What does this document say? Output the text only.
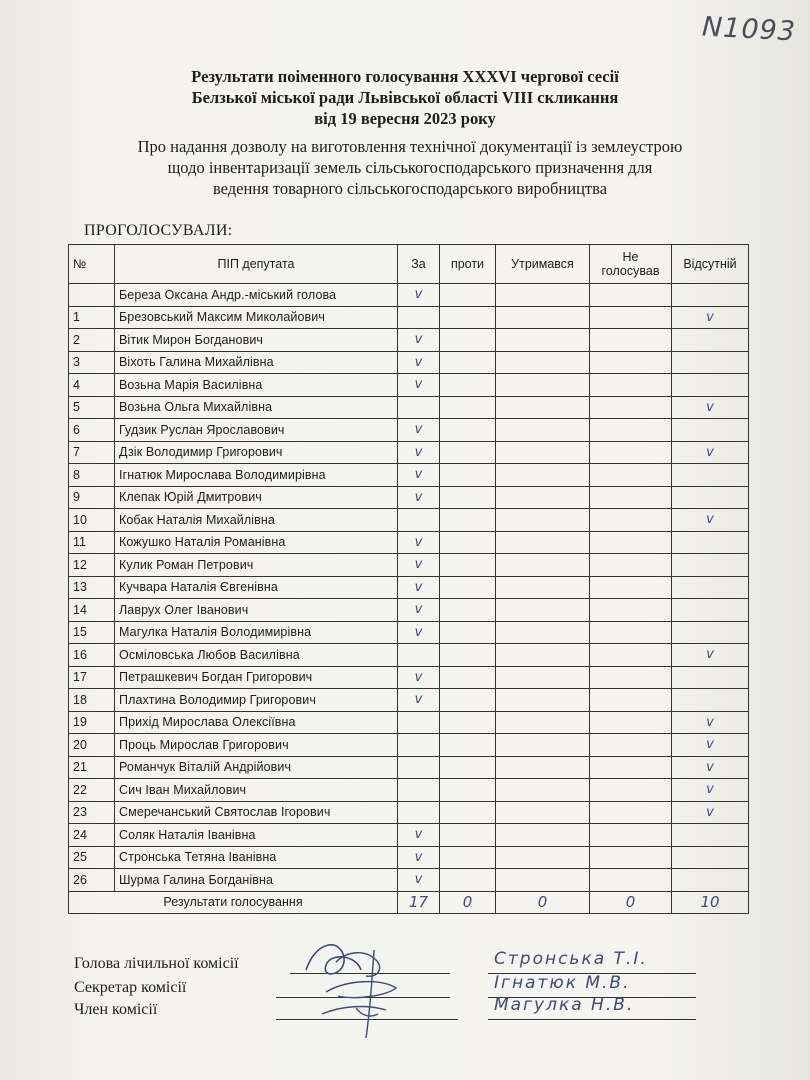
N1093
Результати поіменного голосування XXXVI чергової сесії
Белзької міської ради Львівської області VIII скликання
від 19 вересня 2023 року
Про надання дозволу на виготовлення технічної документації із землеустрою
щодо інвентаризації земель сільськогосподарського призначення для
ведення товарного сільськогосподарського виробництва
ПРОГОЛОСУВАЛИ:
№	ПІП депутата	За	проти	Утримався	Не
голосував	Відсутній
	Береза Оксана Андр.-міський голова	v				
1	Брезовський Максим Миколайович					v
2	Вітик Мирон Богданович	v				
3	Віхоть Галина Михайлівна	v				
4	Возьна Марія Василівна	v				
5	Возьна Ольга Михайлівна					v
6	Гудзик Руслан Ярославович	v				
7	Дзік Володимир Григорович	v				v
8	Ігнатюк Мирослава Володимирівна	v				
9	Клепак Юрій Дмитрович	v				
10	Кобак Наталія Михайлівна					v
11	Кожушко Наталія Романівна	v				
12	Кулик Роман Петрович	v				
13	Кучвара Наталія Євгенівна	v				
14	Лаврух Олег Іванович	v				
15	Магулка Наталія Володимирівна	v				
16	Осміловська Любов Василівна					v
17	Петрашкевич Богдан Григорович	v				
18	Плахтина Володимир Григорович	v				
19	Прихід Мирослава Олексіївна					v
20	Проць Мирослав Григорович					v
21	Романчук Віталій Андрійович					v
22	Сич Іван Михайлович					v
23	Смеречанський Святослав Ігорович					v
24	Соляк Наталія Іванівна	v				
25	Стронська Тетяна Іванівна	v				
26	Шурма Галина Богданівна	v				
Результати голосування		17	0	0	0	10
Голова лічильної комісії	Стронська Т.І.
Секретар комісії	Ігнатюк М.В.
Член комісії	Магулка Н.В.
